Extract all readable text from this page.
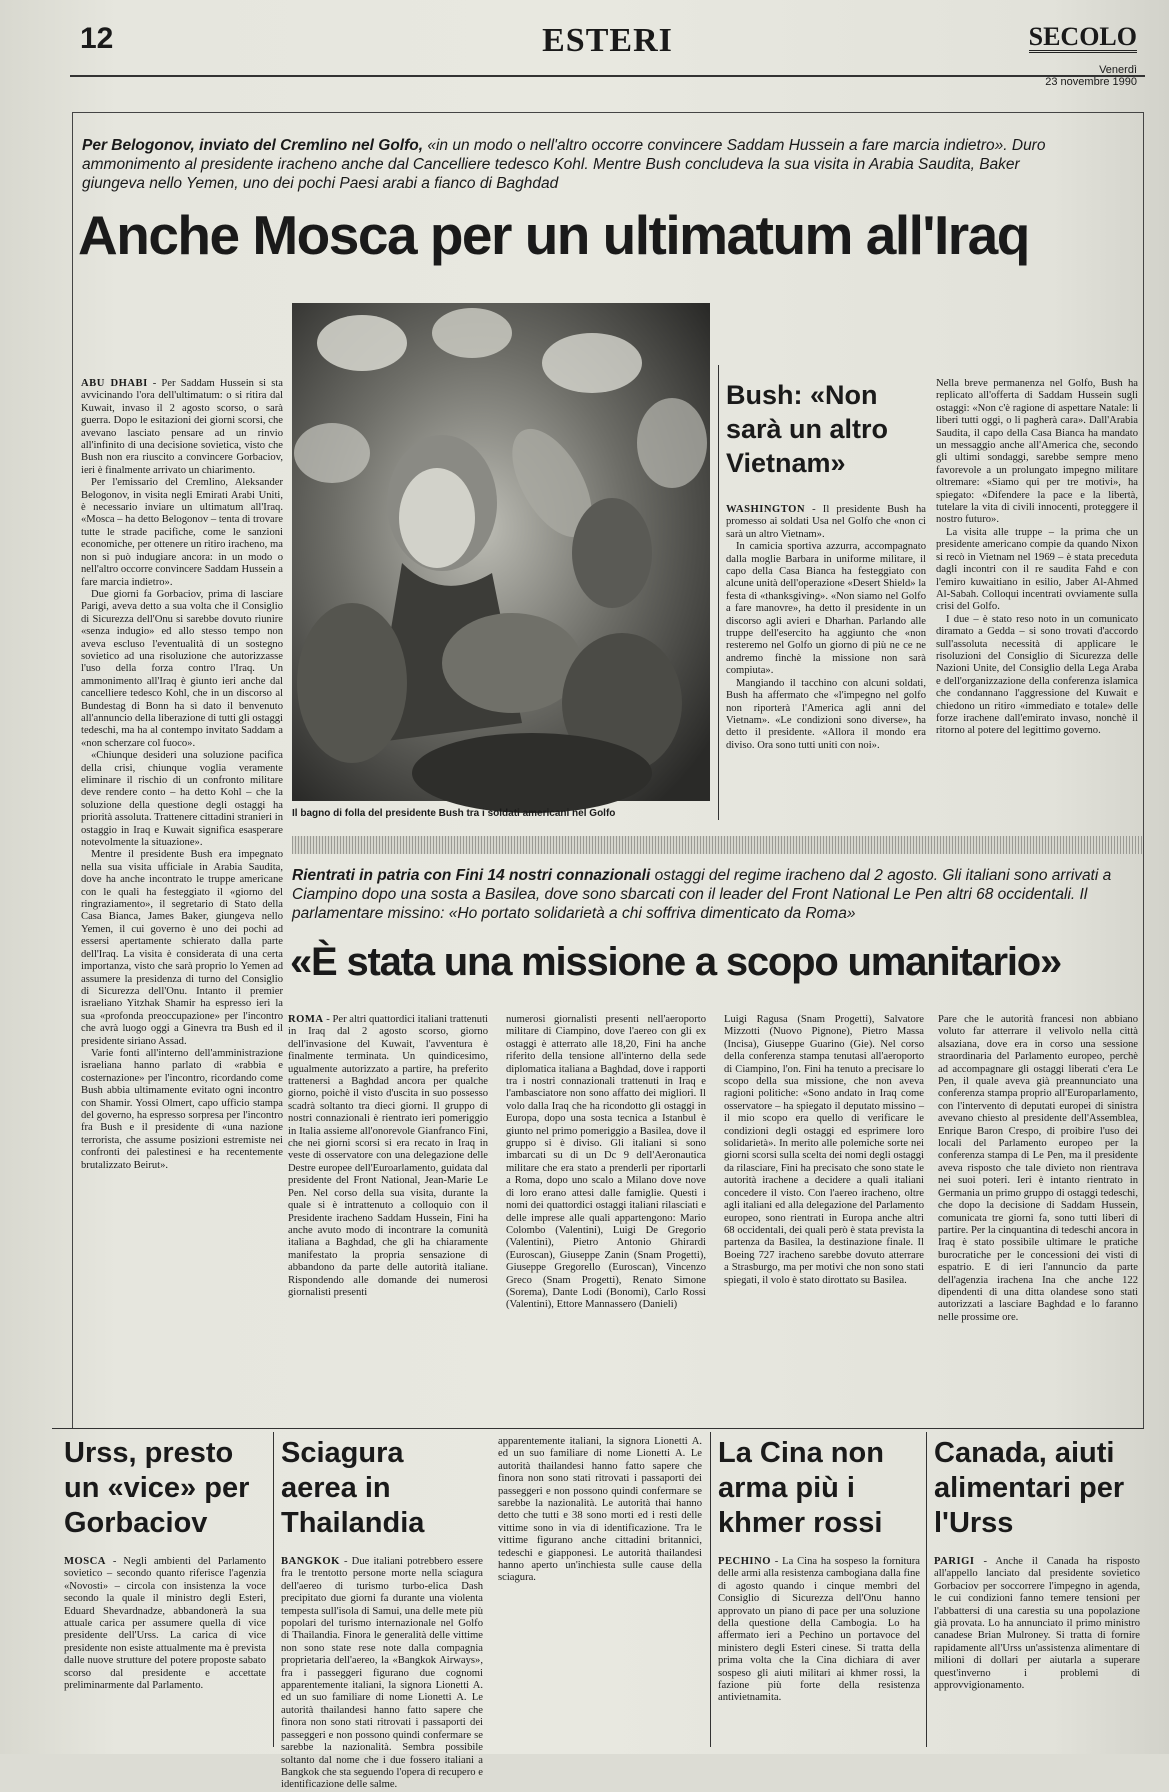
12	ESTERI	SECOLO
Venerdì
23 novembre 1990
Per Belogonov, inviato del Cremlino nel Golfo, «in un modo o nell'altro occorre convincere Saddam Hussein a fare marcia indietro». Duro ammonimento al presidente iracheno anche dal Cancelliere tedesco Kohl. Mentre Bush concludeva la sua visita in Arabia Saudita, Baker giungeva nello Yemen, uno dei pochi Paesi arabi a fianco di Baghdad
Anche Mosca per un ultimatum all'Iraq

ABU DHABI - Per Saddam Hussein si sta avvicinando l'ora dell'ultimatum: o si ritira dal Kuwait, invaso il 2 agosto scorso, o sarà guerra. Dopo le esitazioni dei giorni scorsi, che avevano lasciato pensare ad un rinvio all'infinito di una decisione sovietica, visto che Bush non era riuscito a convincere Gorbaciov, ieri è finalmente arrivato un chiarimento.

Per l'emissario del Cremlino, Aleksander Belogonov, in visita negli Emirati Arabi Uniti, è necessario inviare un ultimatum all'Iraq. «Mosca – ha detto Belogonov – tenta di trovare tutte le strade pacifiche, come le sanzioni economiche, per ottenere un ritiro iracheno, ma non si può indugiare ancora: in un modo o nell'altro occorre convincere Saddam Hussein a fare marcia indietro».

Due giorni fa Gorbaciov, prima di lasciare Parigi, aveva detto a sua volta che il Consiglio di Sicurezza dell'Onu si sarebbe dovuto riunire «senza indugio» ed allo stesso tempo non aveva escluso l'eventualità di un sostegno sovietico ad una risoluzione che autorizzasse l'uso della forza contro l'Iraq. Un ammonimento all'Iraq è giunto ieri anche dal cancelliere tedesco Kohl, che in un discorso al Bundestag di Bonn ha sì dato il benvenuto all'annuncio della liberazione di tutti gli ostaggi tedeschi, ma ha al contempo invitato Saddam a «non scherzare col fuoco».

«Chiunque desideri una soluzione pacifica della crisi, chiunque voglia veramente eliminare il rischio di un confronto militare deve rendere conto – ha detto Kohl – che la soluzione della questione degli ostaggi ha priorità assoluta. Trattenere cittadini stranieri in ostaggio in Iraq e Kuwait significa esasperare notevolmente la situazione».

Mentre il presidente Bush era impegnato nella sua visita ufficiale in Arabia Saudita, dove ha anche incontrato le truppe americane con le quali ha festeggiato il «giorno del ringraziamento», il segretario di Stato della Casa Bianca, James Baker, giungeva nello Yemen, il cui governo è uno dei pochi ad essersi apertamente schierato dalla parte dell'Iraq. La visita è considerata di una certa importanza, visto che sarà proprio lo Yemen ad assumere la presidenza di turno del Consiglio di Sicurezza dell'Onu. Intanto il premier israeliano Yitzhak Shamir ha espresso ieri la sua «profonda preoccupazione» per l'incontro che avrà luogo oggi a Ginevra tra Bush ed il presidente siriano Assad.

Varie fonti all'interno dell'amministrazione israeliana hanno parlato di «rabbia e costernazione» per l'incontro, ricordando come Bush abbia ultimamente evitato ogni incontro con Shamir. Yossi Olmert, capo ufficio stampa del governo, ha espresso sorpresa per l'incontro fra Bush e il presidente di «una nazione terrorista, che assume posizioni estremiste nei confronti dei palestinesi e ha recentemente brutalizzato Beirut».

Il bagno di folla del presidente Bush tra i soldati americani nel Golfo
Bush: «Non sarà un altro Vietnam»

WASHINGTON - Il presidente Bush ha promesso ai soldati Usa nel Golfo che «non ci sarà un altro Vietnam».

In camicia sportiva azzurra, accompagnato dalla moglie Barbara in uniforme militare, il capo della Casa Bianca ha festeggiato con alcune unità dell'operazione «Desert Shield» la festa di «thanksgiving». «Non siamo nel Golfo a fare manovre», ha detto il presidente in un discorso agli avieri e Dharhan. Parlando alle truppe dell'esercito ha aggiunto che «non resteremo nel Golfo un giorno di più ne ce ne andremo finchè la missione non sarà compiuta».

Mangiando il tacchino con alcuni soldati, Bush ha affermato che «l'impegno nel golfo non riporterà l'America agli anni del Vietnam». «Le condizioni sono diverse», ha detto il presidente. «Allora il mondo era diviso. Ora sono tutti uniti con noi».

Nella breve permanenza nel Golfo, Bush ha replicato all'offerta di Saddam Hussein sugli ostaggi: «Non c'è ragione di aspettare Natale: li liberi tutti oggi, o li pagherà cara». Dall'Arabia Saudita, il capo della Casa Bianca ha mandato un messaggio anche all'America che, secondo gli ultimi sondaggi, sarebbe sempre meno favorevole a un prolungato impegno militare oltremare: «Siamo qui per tre motivi», ha spiegato: «Difendere la pace e la libertà, tutelare la vita di civili innocenti, proteggere il nostro futuro».

La visita alle truppe – la prima che un presidente americano compie da quando Nixon si recò in Vietnam nel 1969 – è stata preceduta dagli incontri con il re saudita Fahd e con l'emiro kuwaitiano in esilio, Jaber Al-Ahmed Al-Sabah. Colloqui incentrati ovviamente sulla crisi del Golfo.

I due – è stato reso noto in un comunicato diramato a Gedda – si sono trovati d'accordo sull'assoluta necessità di applicare le risoluzioni del Consiglio di Sicurezza delle Nazioni Unite, del Consiglio della Lega Araba e dell'organizzazione della conferenza islamica che condannano l'aggressione del Kuwait e chiedono un ritiro «immediato e totale» delle forze irachene dall'emirato invaso, nonchè il ritorno al potere del legittimo governo.

Rientrati in patria con Fini 14 nostri connazionali ostaggi del regime iracheno dal 2 agosto. Gli italiani sono arrivati a Ciampino dopo una sosta a Basilea, dove sono sbarcati con il leader del Front National Le Pen altri 68 occidentali. Il parlamentare missino: «Ho portato solidarietà a chi soffriva dimenticato da Roma»
«È stata una missione a scopo umanitario»

ROMA - Per altri quattordici italiani trattenuti in Iraq dal 2 agosto scorso, giorno dell'invasione del Kuwait, l'avventura è finalmente terminata. Un quindicesimo, ugualmente autorizzato a partire, ha preferito trattenersi a Baghdad ancora per qualche giorno, poichè il visto d'uscita in suo possesso scadrà soltanto tra dieci giorni. Il gruppo di nostri connazionali è rientrato ieri pomeriggio in Italia assieme all'onorevole Gianfranco Fini, che nei giorni scorsi si era recato in Iraq in veste di osservatore con una delegazione delle Destre europee dell'Euroarlamento, guidata dal presidente del Front National, Jean-Marie Le Pen. Nel corso della sua visita, durante la quale si è intrattenuto a colloquio con il Presidente iracheno Saddam Hussein, Fini ha anche avuto modo di incontrare la comunità italiana a Baghdad, che gli ha chiaramente manifestato la propria sensazione di abbandono da parte delle autorità italiane. Rispondendo alle domande dei numerosi giornalisti presenti

numerosi giornalisti presenti nell'aeroporto militare di Ciampino, dove l'aereo con gli ex ostaggi è atterrato alle 18,20, Fini ha anche riferito della tensione all'interno della sede diplomatica italiana a Baghdad, dove i rapporti tra i nostri connazionali trattenuti in Iraq e l'ambasciatore non sono affatto dei migliori. Il volo dalla Iraq che ha ricondotto gli ostaggi in Europa, dopo una sosta tecnica a Istanbul è giunto nel primo pomeriggio a Basilea, dove il gruppo si è diviso. Gli italiani si sono imbarcati su di un Dc 9 dell'Aeronautica militare che era stato a prenderli per riportarli a Roma, dopo uno scalo a Milano dove nove di loro erano attesi dalle famiglie. Questi i nomi dei quattordici ostaggi italiani rilasciati e delle imprese alle quali appartengono: Mario Colombo (Valentini), Luigi De Gregorio (Valentini), Pietro Antonio Ghirardi (Euroscan), Giuseppe Zanin (Snam Progetti), Giuseppe Gregorello (Euroscan), Vincenzo Greco (Snam Progetti), Renato Simone (Sorema), Dante Lodi (Bonomi), Carlo Rossi (Valentini), Ettore Mannassero (Danieli)

Luigi Ragusa (Snam Progetti), Salvatore Mizzotti (Nuovo Pignone), Pietro Massa (Incisa), Giuseppe Guarino (Gie). Nel corso della conferenza stampa tenutasi all'aeroporto di Ciampino, l'on. Fini ha tenuto a precisare lo scopo della sua missione, che non aveva ragioni politiche: «Sono andato in Iraq come osservatore – ha spiegato il deputato missino – il mio scopo era quello di verificare le condizioni degli ostaggi ed esprimere loro solidarietà». In merito alle polemiche sorte nei giorni scorsi sulla scelta dei nomi degli ostaggi da rilasciare, Fini ha precisato che sono state le autorità irachene a decidere a quali italiani concedere il visto. Con l'aereo iracheno, oltre agli italiani ed alla delegazione del Parlamento europeo, sono rientrati in Europa anche altri 68 occidentali, dei quali però è stata prevista la partenza da Basilea, la destinazione finale. Il Boeing 727 iracheno sarebbe dovuto atterrare a Strasburgo, ma per motivi che non sono stati spiegati, il volo è stato dirottato su Basilea.

Pare che le autorità francesi non abbiano voluto far atterrare il velivolo nella città alsaziana, dove era in corso una sessione straordinaria del Parlamento europeo, perchè ad accompagnare gli ostaggi liberati c'era Le Pen, il quale aveva già preannunciato una conferenza stampa proprio all'Europarlamento, con l'intervento di deputati europei di sinistra avevano chiesto al presidente dell'Assemblea, Enrique Baron Crespo, di proibire l'uso dei locali del Parlamento europeo per la conferenza stampa di Le Pen, ma il presidente aveva risposto che tale divieto non rientrava nei suoi poteri. Ieri è intanto rientrato in Germania un primo gruppo di ostaggi tedeschi, che dopo la decisione di Saddam Hussein, comunicata tre giorni fa, sono tutti liberi di partire. Per la cinquantina di tedeschi ancora in Iraq è stato possibile ultimare le pratiche burocratiche per le concessioni dei visti di espatrio. E di ieri l'annuncio da parte dell'agenzia irachena Ina che anche 122 dipendenti di una ditta olandese sono stati autorizzati a lasciare Baghdad e lo faranno nelle prossime ore.

Urss, presto un «vice» per Gorbaciov

MOSCA - Negli ambienti del Parlamento sovietico – secondo quanto riferisce l'agenzia «Novosti» – circola con insistenza la voce secondo la quale il ministro degli Esteri, Eduard Shevardnadze, abbandonerà la sua attuale carica per assumere quella di vice presidente dell'Urss. La carica di vice presidente non esiste attualmente ma è prevista dalle nuove strutture del potere proposte sabato scorso dal presidente e accettate preliminarmente dal Parlamento.

Sciagura aerea in Thailandia

BANGKOK - Due italiani potrebbero essere fra le trentotto persone morte nella sciagura dell'aereo di turismo turbo-elica Dash precipitato due giorni fa durante una violenta tempesta sull'isola di Samui, una delle mete più popolari del turismo internazionale nel Golfo di Thailandia. Finora le generalità delle vittime non sono state rese note dalla compagnia proprietaria dell'aereo, la «Bangkok Airways», fra i passeggeri figurano due cognomi apparentemente italiani, la signora Lionetti A. ed un suo familiare di nome Lionetti A. Le autorità thailandesi hanno fatto sapere che finora non sono stati ritrovati i passaporti dei passeggeri e non possono quindi confermare se sarebbe la nazionalità. Sembra possibile soltanto dal nome che i due fossero italiani a Bangkok che sta seguendo l'opera di recupero e identificazione delle salme.

apparentemente italiani, la signora Lionetti A. ed un suo familiare di nome Lionetti A. Le autorità thailandesi hanno fatto sapere che finora non sono stati ritrovati i passaporti dei passeggeri e non possono quindi confermare se sarebbe la nazionalità. Le autorità thai hanno detto che tutti e 38 sono morti ed i resti delle vittime sono in via di identificazione. Tra le vittime figurano anche cittadini britannici, tedeschi e giapponesi. Le autorità thailandesi hanno aperto un'inchiesta sulle cause della sciagura.

La Cina non arma più i khmer rossi

PECHINO - La Cina ha sospeso la fornitura delle armi alla resistenza cambogiana dalla fine di agosto quando i cinque membri del Consiglio di Sicurezza dell'Onu hanno approvato un piano di pace per una soluzione della questione della Cambogia. Lo ha affermato ieri a Pechino un portavoce del ministero degli Esteri cinese. Si tratta della prima volta che la Cina dichiara di aver sospeso gli aiuti militari ai khmer rossi, la fazione più forte della resistenza antivietnamita.

Canada, aiuti alimentari per l'Urss

PARIGI - Anche il Canada ha risposto all'appello lanciato dal presidente sovietico Gorbaciov per soccorrere l'impegno in agenda, le cui condizioni fanno temere tensioni per l'abbattersi di una carestia su una popolazione già provata. Lo ha annunciato il primo ministro canadese Brian Mulroney. Si tratta di fornire rapidamente all'Urss un'assistenza alimentare di milioni di dollari per aiutarla a superare quest'inverno i problemi di approvvigionamento.
